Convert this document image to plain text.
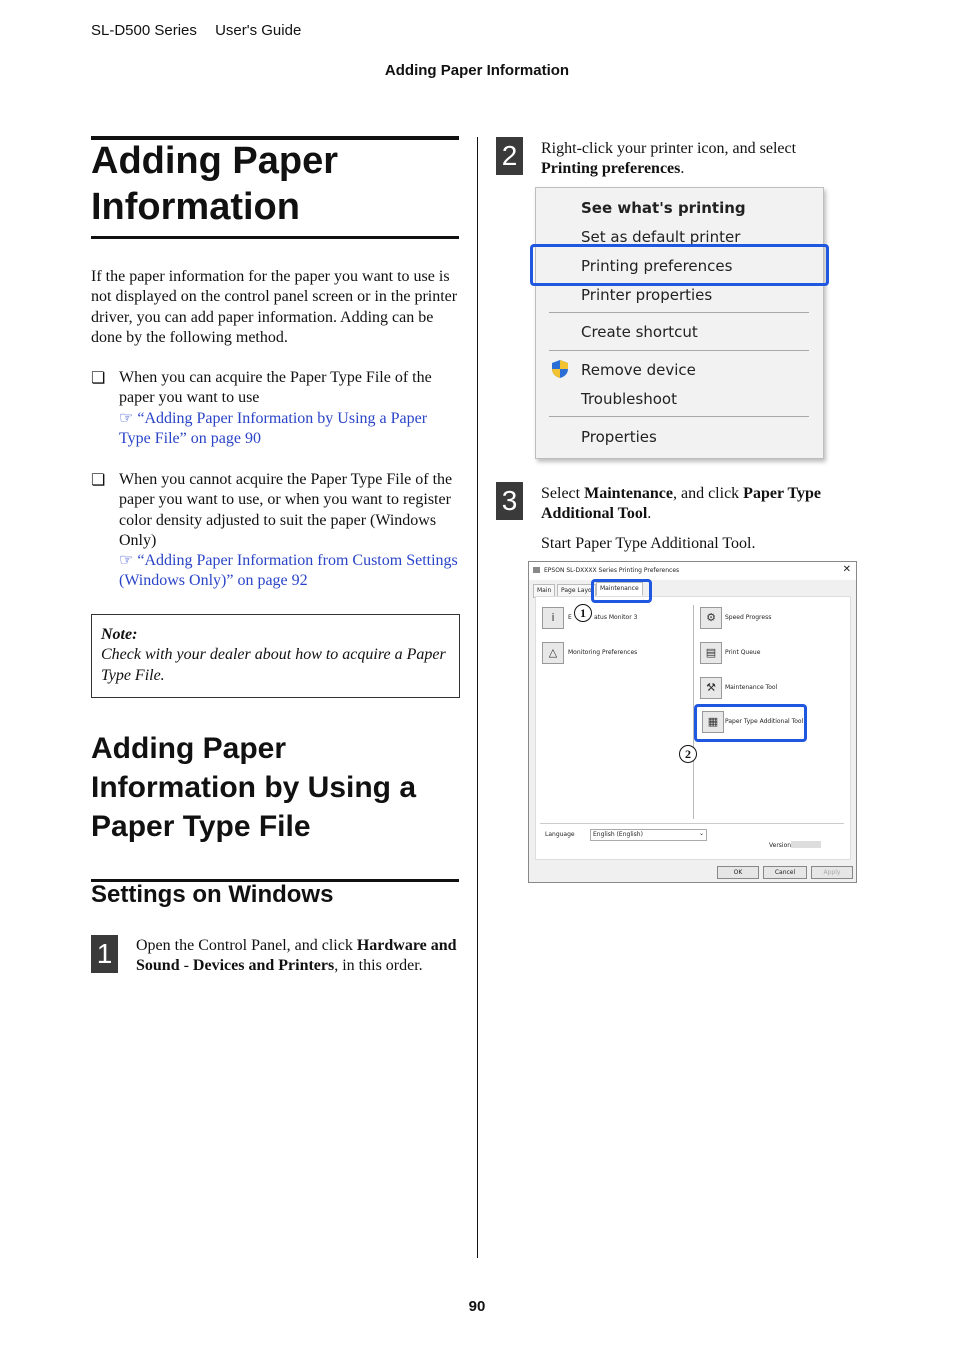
SL-D500 Series User's Guide
Adding Paper Information
Adding Paper
Information
If the paper information for the paper you want to use is not displayed on the control panel screen or in the printer driver, you can add paper information. Adding can be done by the following method.
❏ When you can acquire the Paper Type File of the paper you want to use
☞ “Adding Paper Information by Using a Paper Type File” on page 90
❏ When you cannot acquire the Paper Type File of the paper you want to use, or when you want to register color density adjusted to suit the paper (Windows Only)
☞ “Adding Paper Information from Custom Settings (Windows Only)” on page 92
Note:
Check with your dealer about how to acquire a Paper Type File.
Adding Paper
Information by Using a
Paper Type File
Settings on Windows
1	Open the Control Panel, and click Hardware and Sound - Devices and Printers, in this order.
2	Right-click your printer icon, and select Printing preferences.
See what's printing
Set as default printer
Printing preferences
Printer properties
Create shortcut
Remove device
Troubleshoot
Properties
3	Select Maintenance, and click Paper Type Additional Tool.
Start Paper Type Additional Tool.
EPSON SL-DXXXX Series Printing Preferences	✕
Main	Page Layo	Maintenance
i	E	atus Monitor 3
△	Monitoring Preferences
⚙	Speed Progress
▤	Print Queue
⚒	Maintenance Tool
▦	Paper Type Additional Tool
Language	English (English)	⌄
Version
OK	Cancel	Apply
1
2
90
